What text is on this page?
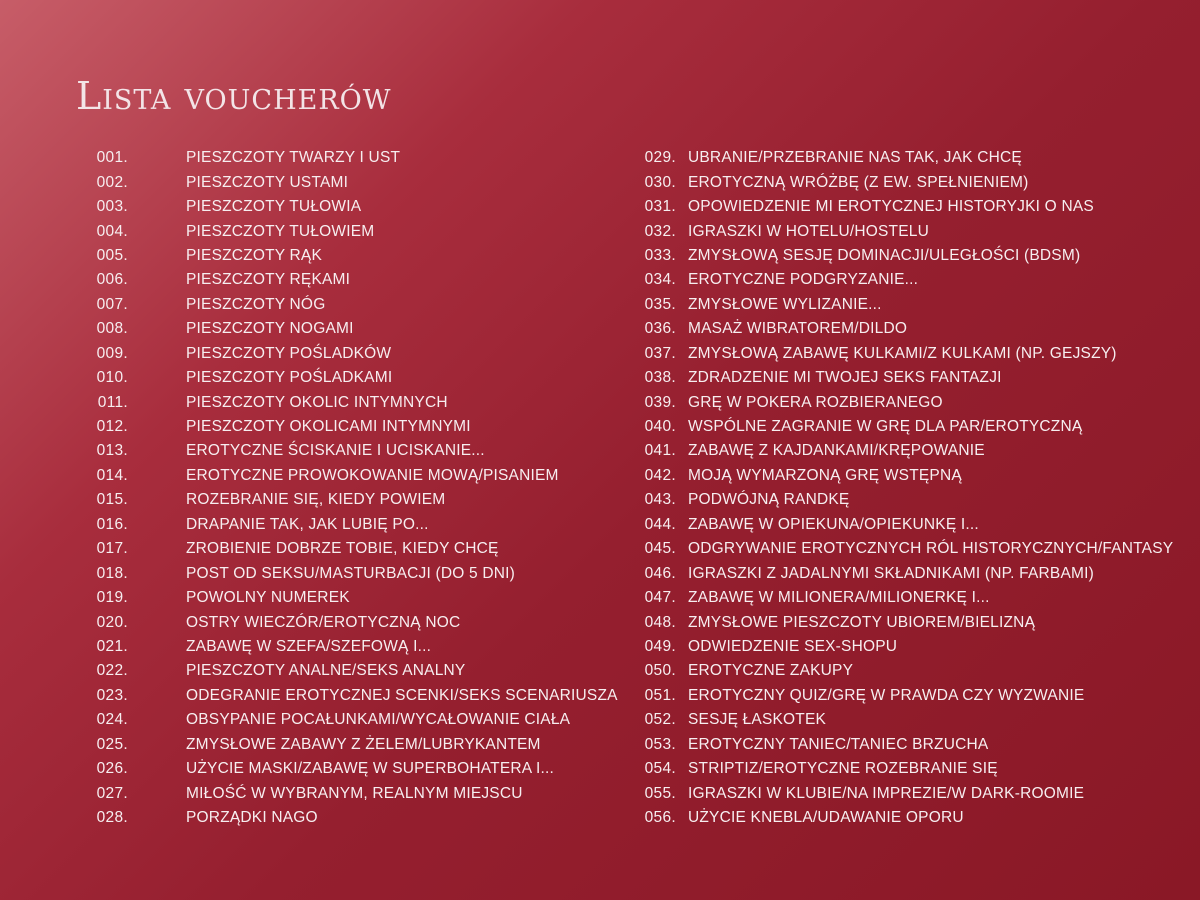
Lista voucherów
001.	PIESZCZOTY TWARZY I UST
002.	PIESZCZOTY USTAMI
003.	PIESZCZOTY TUŁOWIA
004.	PIESZCZOTY TUŁOWIEM
005.	PIESZCZOTY RĄK
006.	PIESZCZOTY RĘKAMI
007.	PIESZCZOTY NÓG
008.	PIESZCZOTY NOGAMI
009.	PIESZCZOTY POŚLADKÓW
010.	PIESZCZOTY POŚLADKAMI
011.	PIESZCZOTY OKOLIC INTYMNYCH
012.	PIESZCZOTY OKOLICAMI INTYMNYMI
013.	EROTYCZNE ŚCISKANIE I UCISKANIE...
014.	EROTYCZNE PROWOKOWANIE MOWĄ/PISANIEM
015.	ROZEBRANIE SIĘ, KIEDY POWIEM
016.	DRAPANIE TAK, JAK LUBIĘ PO...
017.	ZROBIENIE DOBRZE TOBIE, KIEDY CHCĘ
018.	POST OD SEKSU/MASTURBACJI (DO 5 DNI)
019.	POWOLNY NUMEREK
020.	OSTRY WIECZÓR/EROTYCZNĄ NOC
021.	ZABAWĘ W SZEFA/SZEFOWĄ I...
022.	PIESZCZOTY ANALNE/SEKS ANALNY
023.	ODEGRANIE EROTYCZNEJ SCENKI/SEKS SCENARIUSZA
024.	OBSYPANIE POCAŁUNKAMI/WYCAŁOWANIE CIAŁA
025.	ZMYSŁOWE ZABAWY Z ŻELEM/LUBRYKANTEM
026.	UŻYCIE MASKI/ZABAWĘ W SUPERBOHATERA I...
027.	MIŁOŚĆ W WYBRANYM, REALNYM MIEJSCU
028.	PORZĄDKI NAGO
029. UBRANIE/PRZEBRANIE NAS TAK, JAK CHCĘ
030. EROTYCZNĄ WRÓŻBĘ (Z EW. SPEŁNIENIEM)
031. OPOWIEDZENIE MI EROTYCZNEJ HISTORYJKI O NAS
032. IGRASZKI W HOTELU/HOSTELU
033. ZMYSŁOWĄ SESJĘ DOMINACJI/ULEGŁOŚCI (BDSM)
034. EROTYCZNE PODGRYZANIE...
035. ZMYSŁOWE WYLIZANIE...
036. MASAŻ WIBRATOREM/DILDO
037. ZMYSŁOWĄ ZABAWĘ KULKAMI/Z KULKAMI (NP. GEJSZY)
038. ZDRADZENIE MI TWOJEJ SEKS FANTAZJI
039. GRĘ W POKERA ROZBIERANEGO
040. WSPÓLNE ZAGRANIE W GRĘ DLA PAR/EROTYCZNĄ
041. ZABAWĘ Z KAJDANKAMI/KRĘPOWANIE
042. MOJĄ WYMARZONĄ GRĘ WSTĘPNĄ
043. PODWÓJNĄ RANDKĘ
044. ZABAWĘ W OPIEKUNA/OPIEKUNKĘ I...
045. ODGRYWANIE EROTYCZNYCH RÓL HISTORYCZNYCH/FANTASY
046. IGRASZKI Z JADALNYMI SKŁADNIKAMI (NP. FARBAMI)
047. ZABAWĘ W MILIONERA/MILIONERKĘ I...
048. ZMYSŁOWE PIESZCZOTY UBIOREM/BIELIZNĄ
049. ODWIEDZENIE SEX-SHOPU
050. EROTYCZNE ZAKUPY
051. EROTYCZNY QUIZ/GRĘ W PRAWDA CZY WYZWANIE
052. SESJĘ ŁASKOTEK
053. EROTYCZNY TANIEC/TANIEC BRZUCHA
054. STRIPTIZ/EROTYCZNE ROZEBRANIE SIĘ
055. IGRASZKI W KLUBIE/NA IMPREZIE/W DARK-ROOMIE
056. UŻYCIE KNEBLA/UDAWANIE OPORU
